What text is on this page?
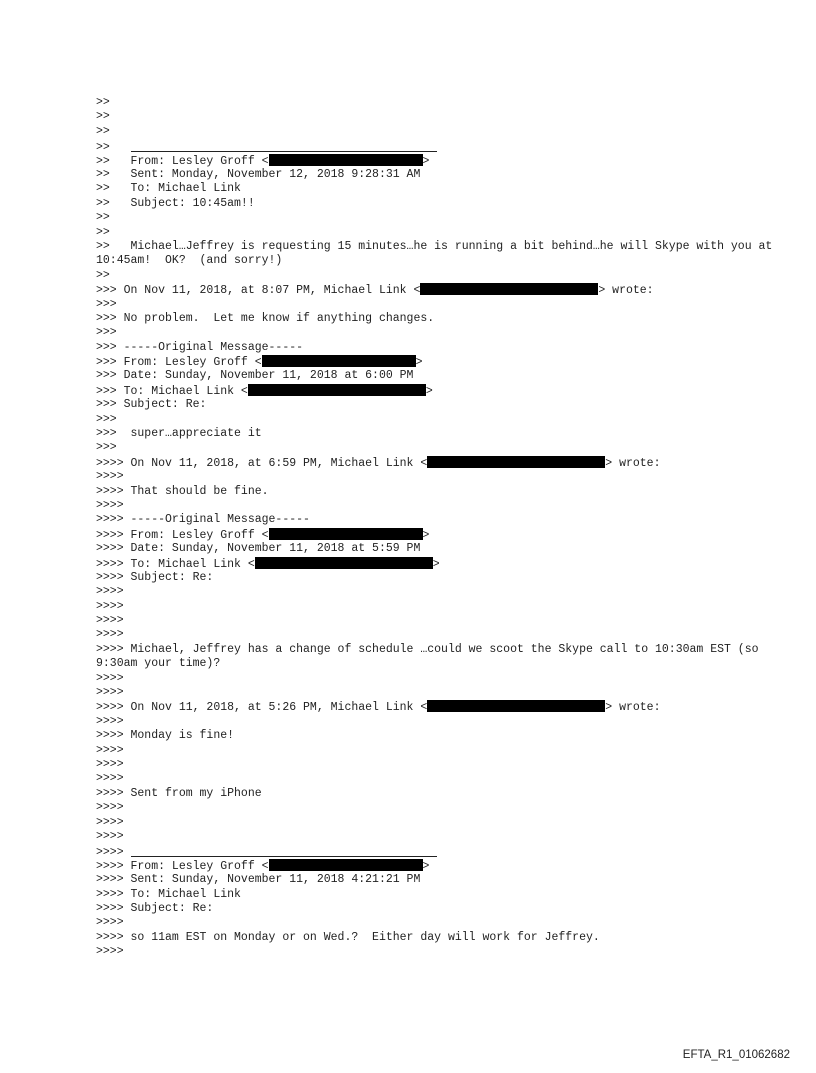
>>
>>
>>
>>
>>   From: Lesley Groff <	>
>>   Sent: Monday, November 12, 2018 9:28:31 AM
>>   To: Michael Link
>>   Subject: 10:45am!!
>>
>>
>>   Michael…Jeffrey is requesting 15 minutes…he is running a bit behind…he will Skype with you at 10:45am!  OK?  (and sorry!)
>>
>>> On Nov 11, 2018, at 8:07 PM, Michael Link <	> wrote:
>>>
>>> No problem.  Let me know if anything changes.
>>>
>>> -----Original Message-----
>>> From: Lesley Groff <	>
>>> Date: Sunday, November 11, 2018 at 6:00 PM
>>> To: Michael Link <	>
>>> Subject: Re:
>>>
>>>  super…appreciate it
>>>
>>>> On Nov 11, 2018, at 6:59 PM, Michael Link <	> wrote:
>>>>
>>>> That should be fine.
>>>>
>>>> -----Original Message-----
>>>> From: Lesley Groff <	>
>>>> Date: Sunday, November 11, 2018 at 5:59 PM
>>>> To: Michael Link <	>
>>>> Subject: Re:
>>>>
>>>>
>>>>
>>>>
>>>> Michael, Jeffrey has a change of schedule …could we scoot the Skype call to 10:30am EST (so 9:30am your time)?
>>>>
>>>>
>>>> On Nov 11, 2018, at 5:26 PM, Michael Link <	> wrote:
>>>>
>>>> Monday is fine!
>>>>
>>>>
>>>>
>>>> Sent from my iPhone
>>>>
>>>>
>>>>
>>>>
>>>> From: Lesley Groff <	>
>>>> Sent: Sunday, November 11, 2018 4:21:21 PM
>>>> To: Michael Link
>>>> Subject: Re:
>>>>
>>>> so 11am EST on Monday or on Wed.?  Either day will work for Jeffrey.
>>>>
EFTA_R1_01062682
